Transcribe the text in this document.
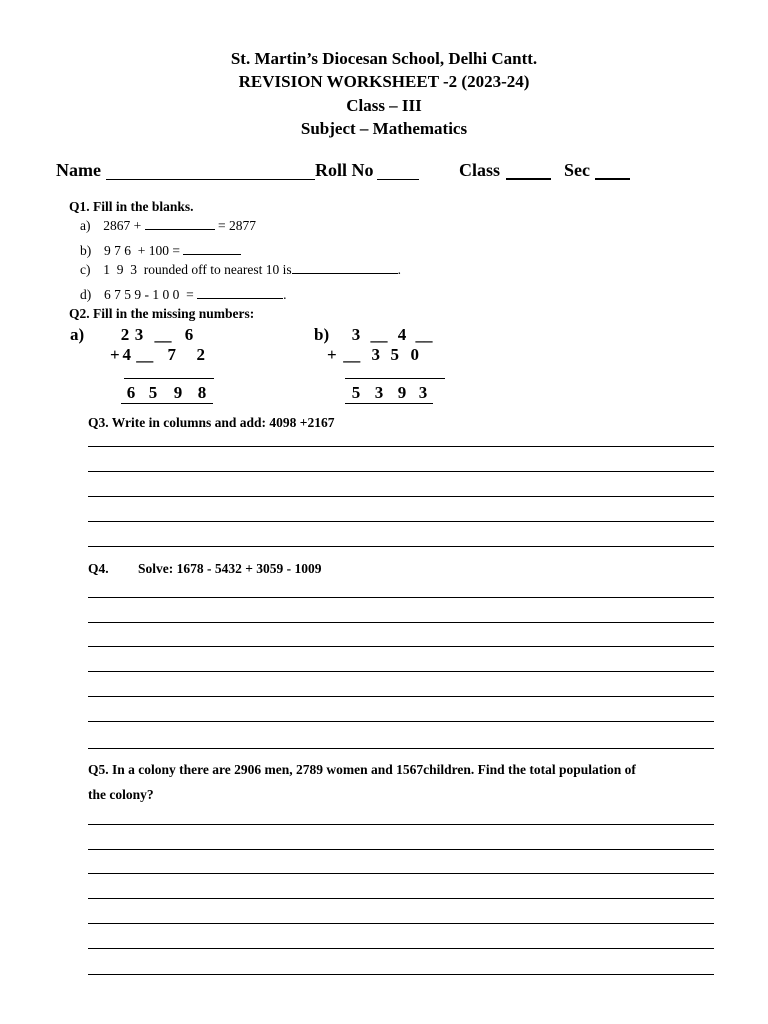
St. Martin’s Diocesan School, Delhi Cantt.
REVISION WORKSHEET -2 (2023-24)
Class – III
Subject – Mathematics
Name	Roll No	Class	Sec
Q1. Fill in the blanks.
a) 2867 +	= 2877
b) 9 7 6  + 100 =
c) 1  9  3  rounded off to nearest 10 is	.
d) 6 7 5 9 - 1 0 0  =	.
Q2. Fill in the missing numbers:
a) 2 3 __ 6
+ 4 __ 7 2
6 5 9 8
b)	3 __ 4 __
+ __ 3 5 0
5 3 9 3
Q3. Write in columns and add: 4098 +2167
Q4. Solve: 1678 - 5432 + 3059 - 1009
Q5. In a colony there are 2906 men, 2789 women and 1567children. Find the total population of
the colony?
